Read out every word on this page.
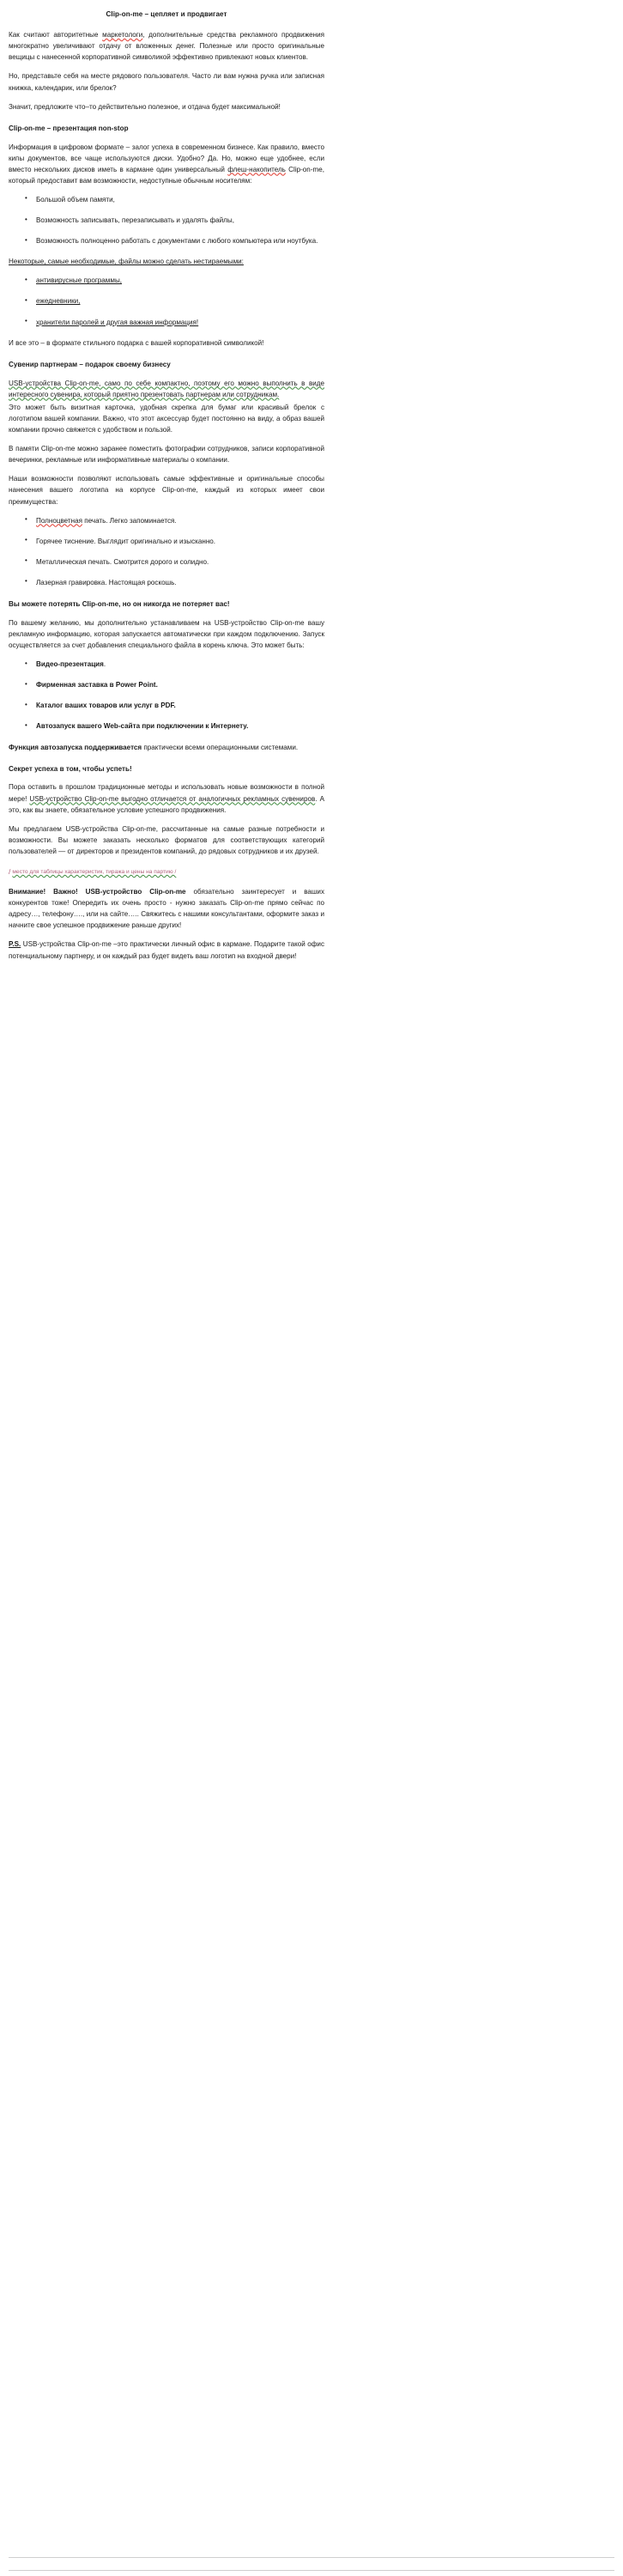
Clip-on-me – цепляет и продвигает

Как считают авторитетные маркетологи, дополнительные средства рекламного продвижения многократно увеличивают отдачу от вложенных денег. Полезные или просто оригинальные вещицы с нанесенной корпоративной символикой эффективно привлекают новых клиентов.

Но, представьте себя на месте рядового пользователя. Часто ли вам нужна ручка или записная книжка, календарик, или брелок?

Значит, предложите что–то действительно полезное, и отдача будет максимальной!

Clip-on-me – презентация non-stop

Информация в цифровом формате – залог успеха в современном бизнесе. Как правило, вместо кипы документов, все чаще используются диски. Удобно? Да. Но, можно еще удобнее, если вместо нескольких дисков иметь в кармане один универсальный флеш-накопитель Clip-on-me, который предоставит вам возможности, недоступные обычным носителям:

• Большой объем памяти,
• Возможность записывать, перезаписывать и удалять файлы,
• Возможность полноценно работать с документами с любого компьютера или ноутбука.

Некоторые, самые необходимые, файлы можно сделать нестираемыми:

• антивирусные программы,
• ежедневники,
• хранители паролей и другая важная информация!

И все это – в формате стильного подарка с вашей корпоративной символикой!

Сувенир партнерам – подарок своему бизнесу

USB-устройства Clip-on-me, само по себе компактно, поэтому его можно выполнить в виде интересного сувенира, который приятно презентовать партнерам или сотрудникам.

Это может быть визитная карточка, удобная скрепка для бумаг или красивый брелок с логотипом вашей компании. Важно, что этот аксессуар будет постоянно на виду, а образ вашей компании прочно свяжется с удобством и пользой.

В памяти Clip-on-me можно заранее поместить фотографии сотрудников, записи корпоративной вечеринки, рекламные или информативные материалы о компании.

Наши возможности позволяют использовать самые эффективные и оригинальные способы нанесения вашего логотипа на корпусе Clip-on-me, каждый из которых имеет свои преимущества:

• Полноцветная печать. Легко запоминается.
• Горячее тиснение. Выглядит оригинально и изысканно.
• Металлическая печать. Смотрится дорого и солидно.
• Лазерная гравировка. Настоящая роскошь.
Вы можете потерять Clip-on-me, но он никогда не потеряет вас!

По вашему желанию, мы дополнительно устанавливаем на USB-устройство Clip-on-me вашу рекламную информацию, которая запускается автоматически при каждом подключению. Запуск осуществляется за счет добавления специального файла в корень ключа. Это может быть:

• Видео-презентация.
• Фирменная заставка в Power Point.
• Каталог ваших товаров или услуг в PDF.
• Автозапуск вашего Web-сайта при подключении к Интернету.

Функция автозапуска поддерживается практически всеми операционными системами.

Секрет успеха в том, чтобы успеть!

Пора оставить в прошлом традиционные методы и использовать новые возможности в полной мере! USB-устройство Clip-on-me выгодно отличается от аналогичных рекламных сувениров. А это, как вы знаете, обязательное условие успешного продвижения.

Мы предлагаем USB-устройства Clip-on-me, рассчитанные на самые разные потребности и возможности. Вы можете заказать несколько форматов для соответствующих категорий пользователей — от директоров и президентов компаний, до рядовых сотрудников и их друзей.

/ место для таблицы характеристик, тиража и цены на партию /

Внимание! Важно! USB-устройство Clip-on-me обязательно заинтересует и ваших конкурентов тоже! Опередить их очень просто - нужно заказать Clip-on-me прямо сейчас по адресу…, телефону…., или на сайте….. Свяжитесь с нашими консультантами, оформите заказ и начните свое успешное продвижение раньше других!

P.S. USB-устройства Clip-on-me –это практически личный офис в кармане. Подарите такой офис потенциальному партнеру, и он каждый раз будет видеть ваш логотип на входной двери!
